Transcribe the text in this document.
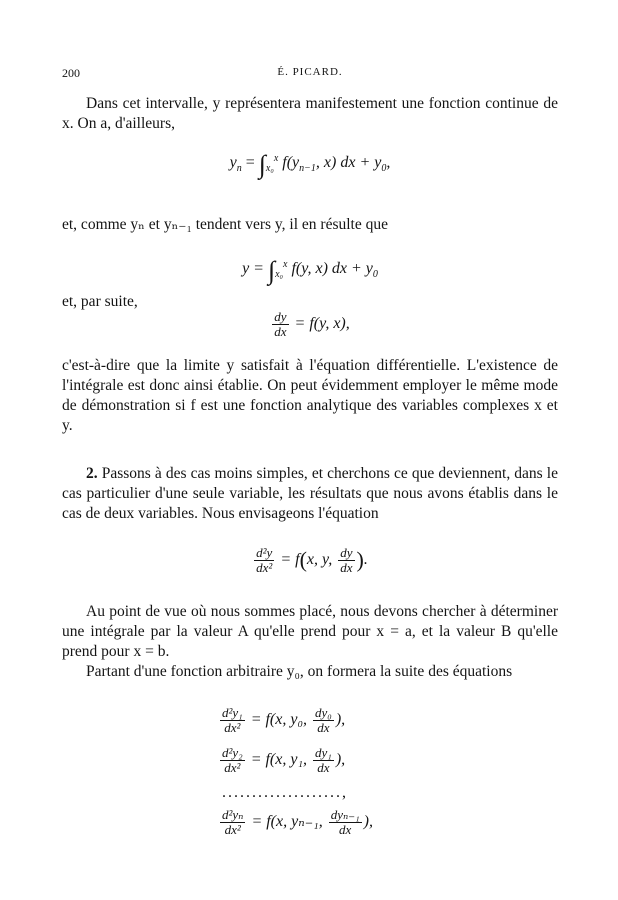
200	É. PICARD.
Dans cet intervalle, y représentera manifestement une fonction continue de x. On a, d'ailleurs,
$y_n = \int_{x_0}^x$ $f(y_{n-1}$, x) dx + $y_0$,
et, comme yₙ et yₙ₋₁ tendent vers y, il en résulte que
$y = \int_{x_0}^x$ f(y, x) dx + $y_0$
et, par suite,
$\frac{dy}{dx} = f(y$, x),
c'est-à-dire que la limite y satisfait à l'équation différentielle. L'existence de l'intégrale est donc ainsi établie. On peut évidemment employer le même mode de démonstration si f est une fonction analytique des variables complexes x et y.
2. Passons à des cas moins simples, et cherchons ce que deviennent, dans le cas particulier d'une seule variable, les résultats que nous avons établis dans le cas de deux variables. Nous envisageons l'équation
$\frac{\text{d²y}}{\text{dx²}} = f(x$, y, $\frac{dy}{dx}$ ).
Au point de vue où nous sommes placé, nous devons chercher à déterminer une intégrale par la valeur A qu'elle prend pour x = a, et la valeur B qu'elle prend pour x = b.
Partant d'une fonction arbitraire y₀, on formera la suite des équations
$\frac{\text{d²y₁}}{\text{dx²}} = f(x$, y₀, $\frac{\text{dy₀}}{dx}$ ),
$\frac{\text{d²y₂}}{\text{dx²}} = f(x$, y₁, $\frac{\text{dy₁}}{dx}$ ),
....................,
$\frac{\text{d²yₙ}}{\text{dx²}} = f(x$, yₙ₋₁, $\frac{\text{dyₙ₋₁}}{dx}$ ),
